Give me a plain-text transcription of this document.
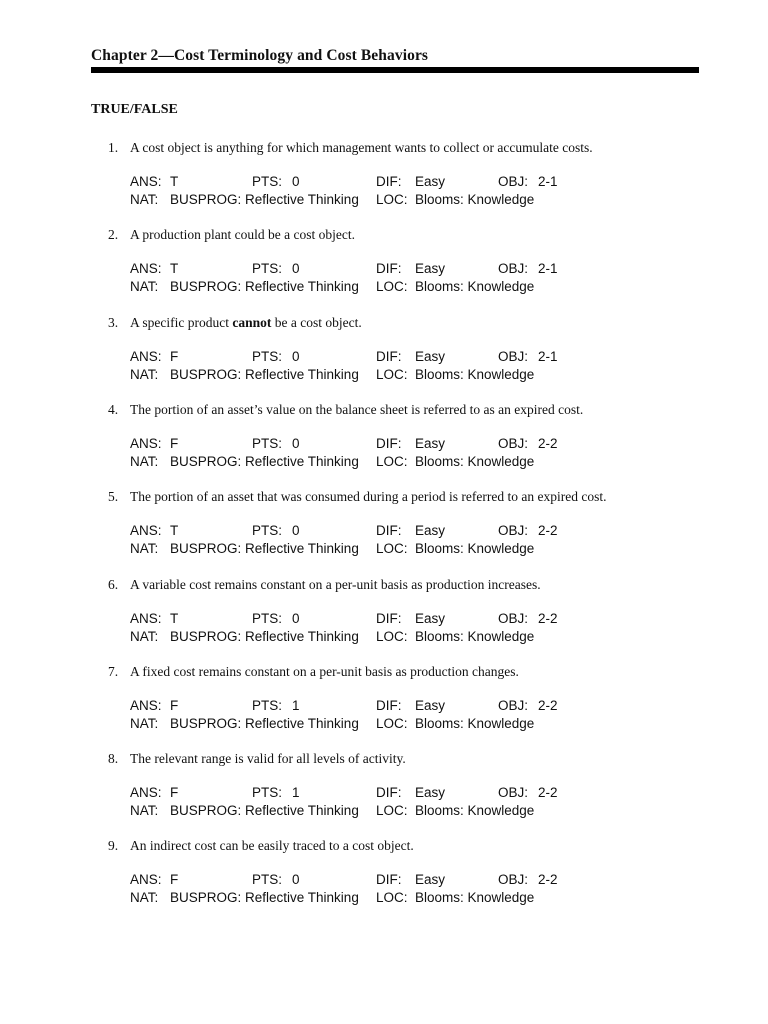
Chapter 2—Cost Terminology and Cost Behaviors
TRUE/FALSE
1. A cost object is anything for which management wants to collect or accumulate costs.
ANS: T	PTS: 0	DIF: Easy	OBJ: 2-1
NAT: BUSPROG: Reflective Thinking LOC: Blooms: Knowledge
2. A production plant could be a cost object.
ANS: T	PTS: 0	DIF: Easy	OBJ: 2-1
NAT: BUSPROG: Reflective Thinking LOC: Blooms: Knowledge
3. A specific product cannot be a cost object.
ANS: F	PTS: 0	DIF: Easy	OBJ: 2-1
NAT: BUSPROG: Reflective Thinking LOC: Blooms: Knowledge
4. The portion of an asset’s value on the balance sheet is referred to as an expired cost.
ANS: F	PTS: 0	DIF: Easy	OBJ: 2-2
NAT: BUSPROG: Reflective Thinking LOC: Blooms: Knowledge
5. The portion of an asset that was consumed during a period is referred to an expired cost.
ANS: T	PTS: 0	DIF: Easy	OBJ: 2-2
NAT: BUSPROG: Reflective Thinking LOC: Blooms: Knowledge
6. A variable cost remains constant on a per-unit basis as production increases.
ANS: T	PTS: 0	DIF: Easy	OBJ: 2-2
NAT: BUSPROG: Reflective Thinking LOC: Blooms: Knowledge
7. A fixed cost remains constant on a per-unit basis as production changes.
ANS: F	PTS: 1	DIF: Easy	OBJ: 2-2
NAT: BUSPROG: Reflective Thinking LOC: Blooms: Knowledge
8. The relevant range is valid for all levels of activity.
ANS: F	PTS: 1	DIF: Easy	OBJ: 2-2
NAT: BUSPROG: Reflective Thinking LOC: Blooms: Knowledge
9. An indirect cost can be easily traced to a cost object.
ANS: F	PTS: 0	DIF: Easy	OBJ: 2-2
NAT: BUSPROG: Reflective Thinking LOC: Blooms: Knowledge
